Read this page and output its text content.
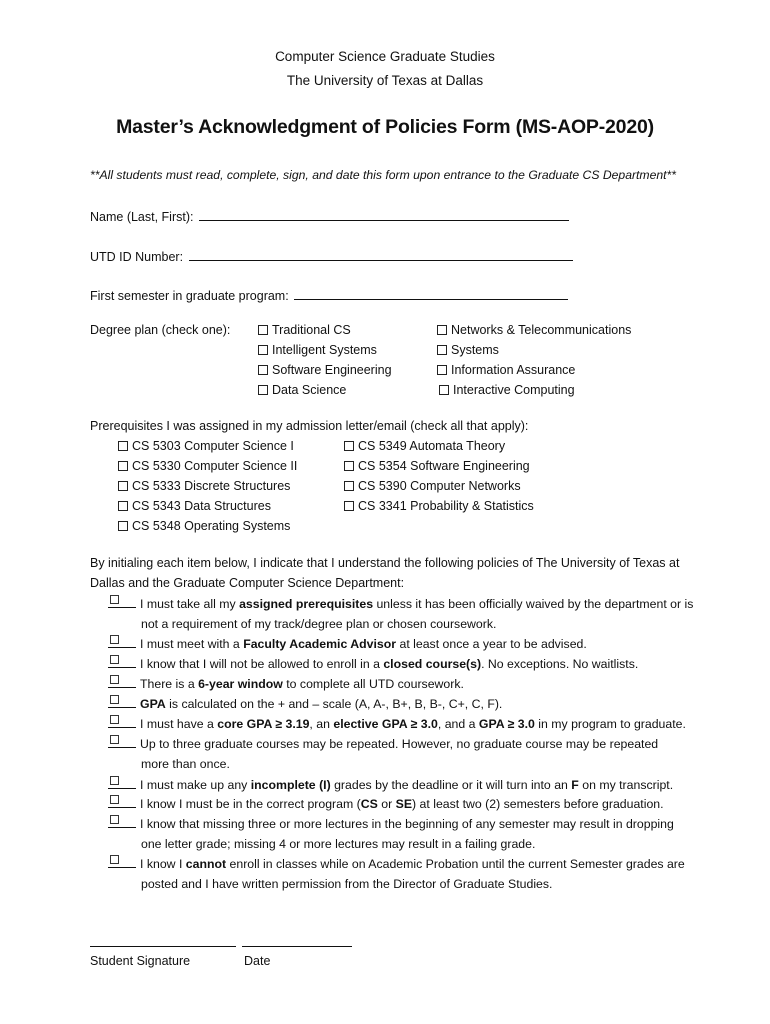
Computer Science Graduate Studies
The University of Texas at Dallas
Master’s Acknowledgment of Policies Form (MS-AOP-2020)
**All students must read, complete, sign, and date this form upon entrance to the Graduate CS Department**
Name (Last, First):
UTD ID Number:
First semester in graduate program:
Degree plan (check one):	Traditional CS
Intelligent Systems
Software Engineering
Data Science
Networks & Telecommunications
Systems
Information Assurance
Interactive Computing
Prerequisites I was assigned in my admission letter/email (check all that apply):
CS 5303 Computer Science I
CS 5330 Computer Science II
CS 5333 Discrete Structures
CS 5343 Data Structures
CS 5348 Operating Systems
CS 5349 Automata Theory
CS 5354 Software Engineering
CS 5390 Computer Networks
CS 3341 Probability & Statistics
By initialing each item below, I indicate that I understand the following policies of The University of Texas at
Dallas and the Graduate Computer Science Department:
I must take all my assigned prerequisites unless it has been officially waived by the department or is
not a requirement of my track/degree plan or chosen coursework.
I must meet with a Faculty Academic Advisor at least once a year to be advised.
I know that I will not be allowed to enroll in a closed course(s). No exceptions. No waitlists.
There is a 6-year window to complete all UTD coursework.
GPA is calculated on the + and – scale (A, A-, B+, B, B-, C+, C, F).
I must have a core GPA ≥ 3.19, an elective GPA ≥ 3.0, and a GPA ≥ 3.0 in my program to graduate.
Up to three graduate courses may be repeated. However, no graduate course may be repeated
more than once.
I must make up any incomplete (I) grades by the deadline or it will turn into an F on my transcript.
I know I must be in the correct program (CS or SE) at least two (2) semesters before graduation.
I know that missing three or more lectures in the beginning of any semester may result in dropping
one letter grade; missing 4 or more lectures may result in a failing grade.
I know I cannot enroll in classes while on Academic Probation until the current Semester grades are
posted and I have written permission from the Director of Graduate Studies.
Student Signature	Date
